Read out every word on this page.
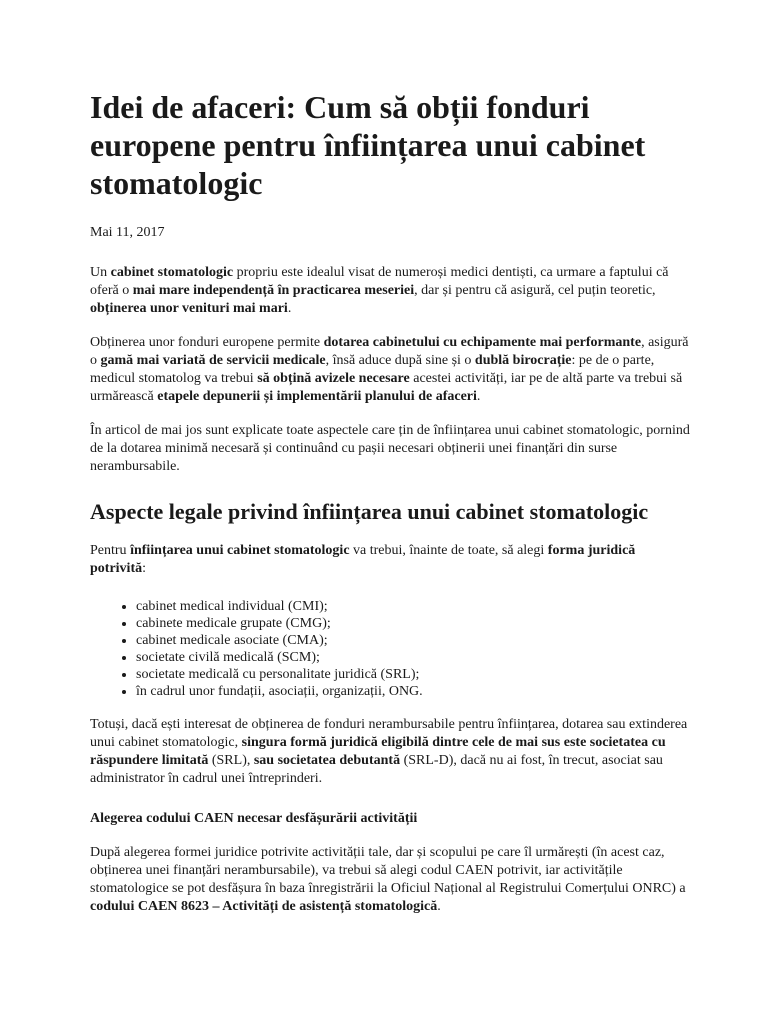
Idei de afaceri: Cum să obții fonduri europene pentru înființarea unui cabinet stomatologic
Mai 11, 2017

Un cabinet stomatologic propriu este idealul visat de numeroși medici dentiști, ca urmare a faptului că oferă o mai mare independență în practicarea meseriei, dar și pentru că asigură, cel puțin teoretic, obținerea unor venituri mai mari.

Obținerea unor fonduri europene permite dotarea cabinetului cu echipamente mai performante, asigură o gamă mai variată de servicii medicale, însă aduce după sine și o dublă birocrație: pe de o parte, medicul stomatolog va trebui să obțină avizele necesare acestei activități, iar pe de altă parte va trebui să urmărească etapele depunerii și implementării planului de afaceri.

În articol de mai jos sunt explicate toate aspectele care țin de înființarea unui cabinet stomatologic, pornind de la dotarea minimă necesară și continuând cu pașii necesari obținerii unei finanțări din surse nerambursabile.

Aspecte legale privind înființarea unui cabinet stomatologic

Pentru înființarea unui cabinet stomatologic va trebui, înainte de toate, să alegi forma juridică potrivită:

• cabinet medical individual (CMI);
• cabinete medicale grupate (CMG);
• cabinet medicale asociate (CMA);
• societate civilă medicală (SCM);
• societate medicală cu personalitate juridică (SRL);
• în cadrul unor fundații, asociații, organizații, ONG.

Totuși, dacă ești interesat de obținerea de fonduri nerambursabile pentru înființarea, dotarea sau extinderea unui cabinet stomatologic, singura formă juridică eligibilă dintre cele de mai sus este societatea cu răspundere limitată (SRL), sau societatea debutantă (SRL-D), dacă nu ai fost, în trecut, asociat sau administrator în cadrul unei întreprinderi.

Alegerea codului CAEN necesar desfășurării activității

După alegerea formei juridice potrivite activității tale, dar și scopului pe care îl urmărești (în acest caz, obținerea unei finanțări nerambursabile), va trebui să alegi codul CAEN potrivit, iar activitățile stomatologice se pot desfășura în baza înregistrării la Oficiul Național al Registrului Comerțului ONRC) a codului CAEN 8623 – Activități de asistență stomatologică.
